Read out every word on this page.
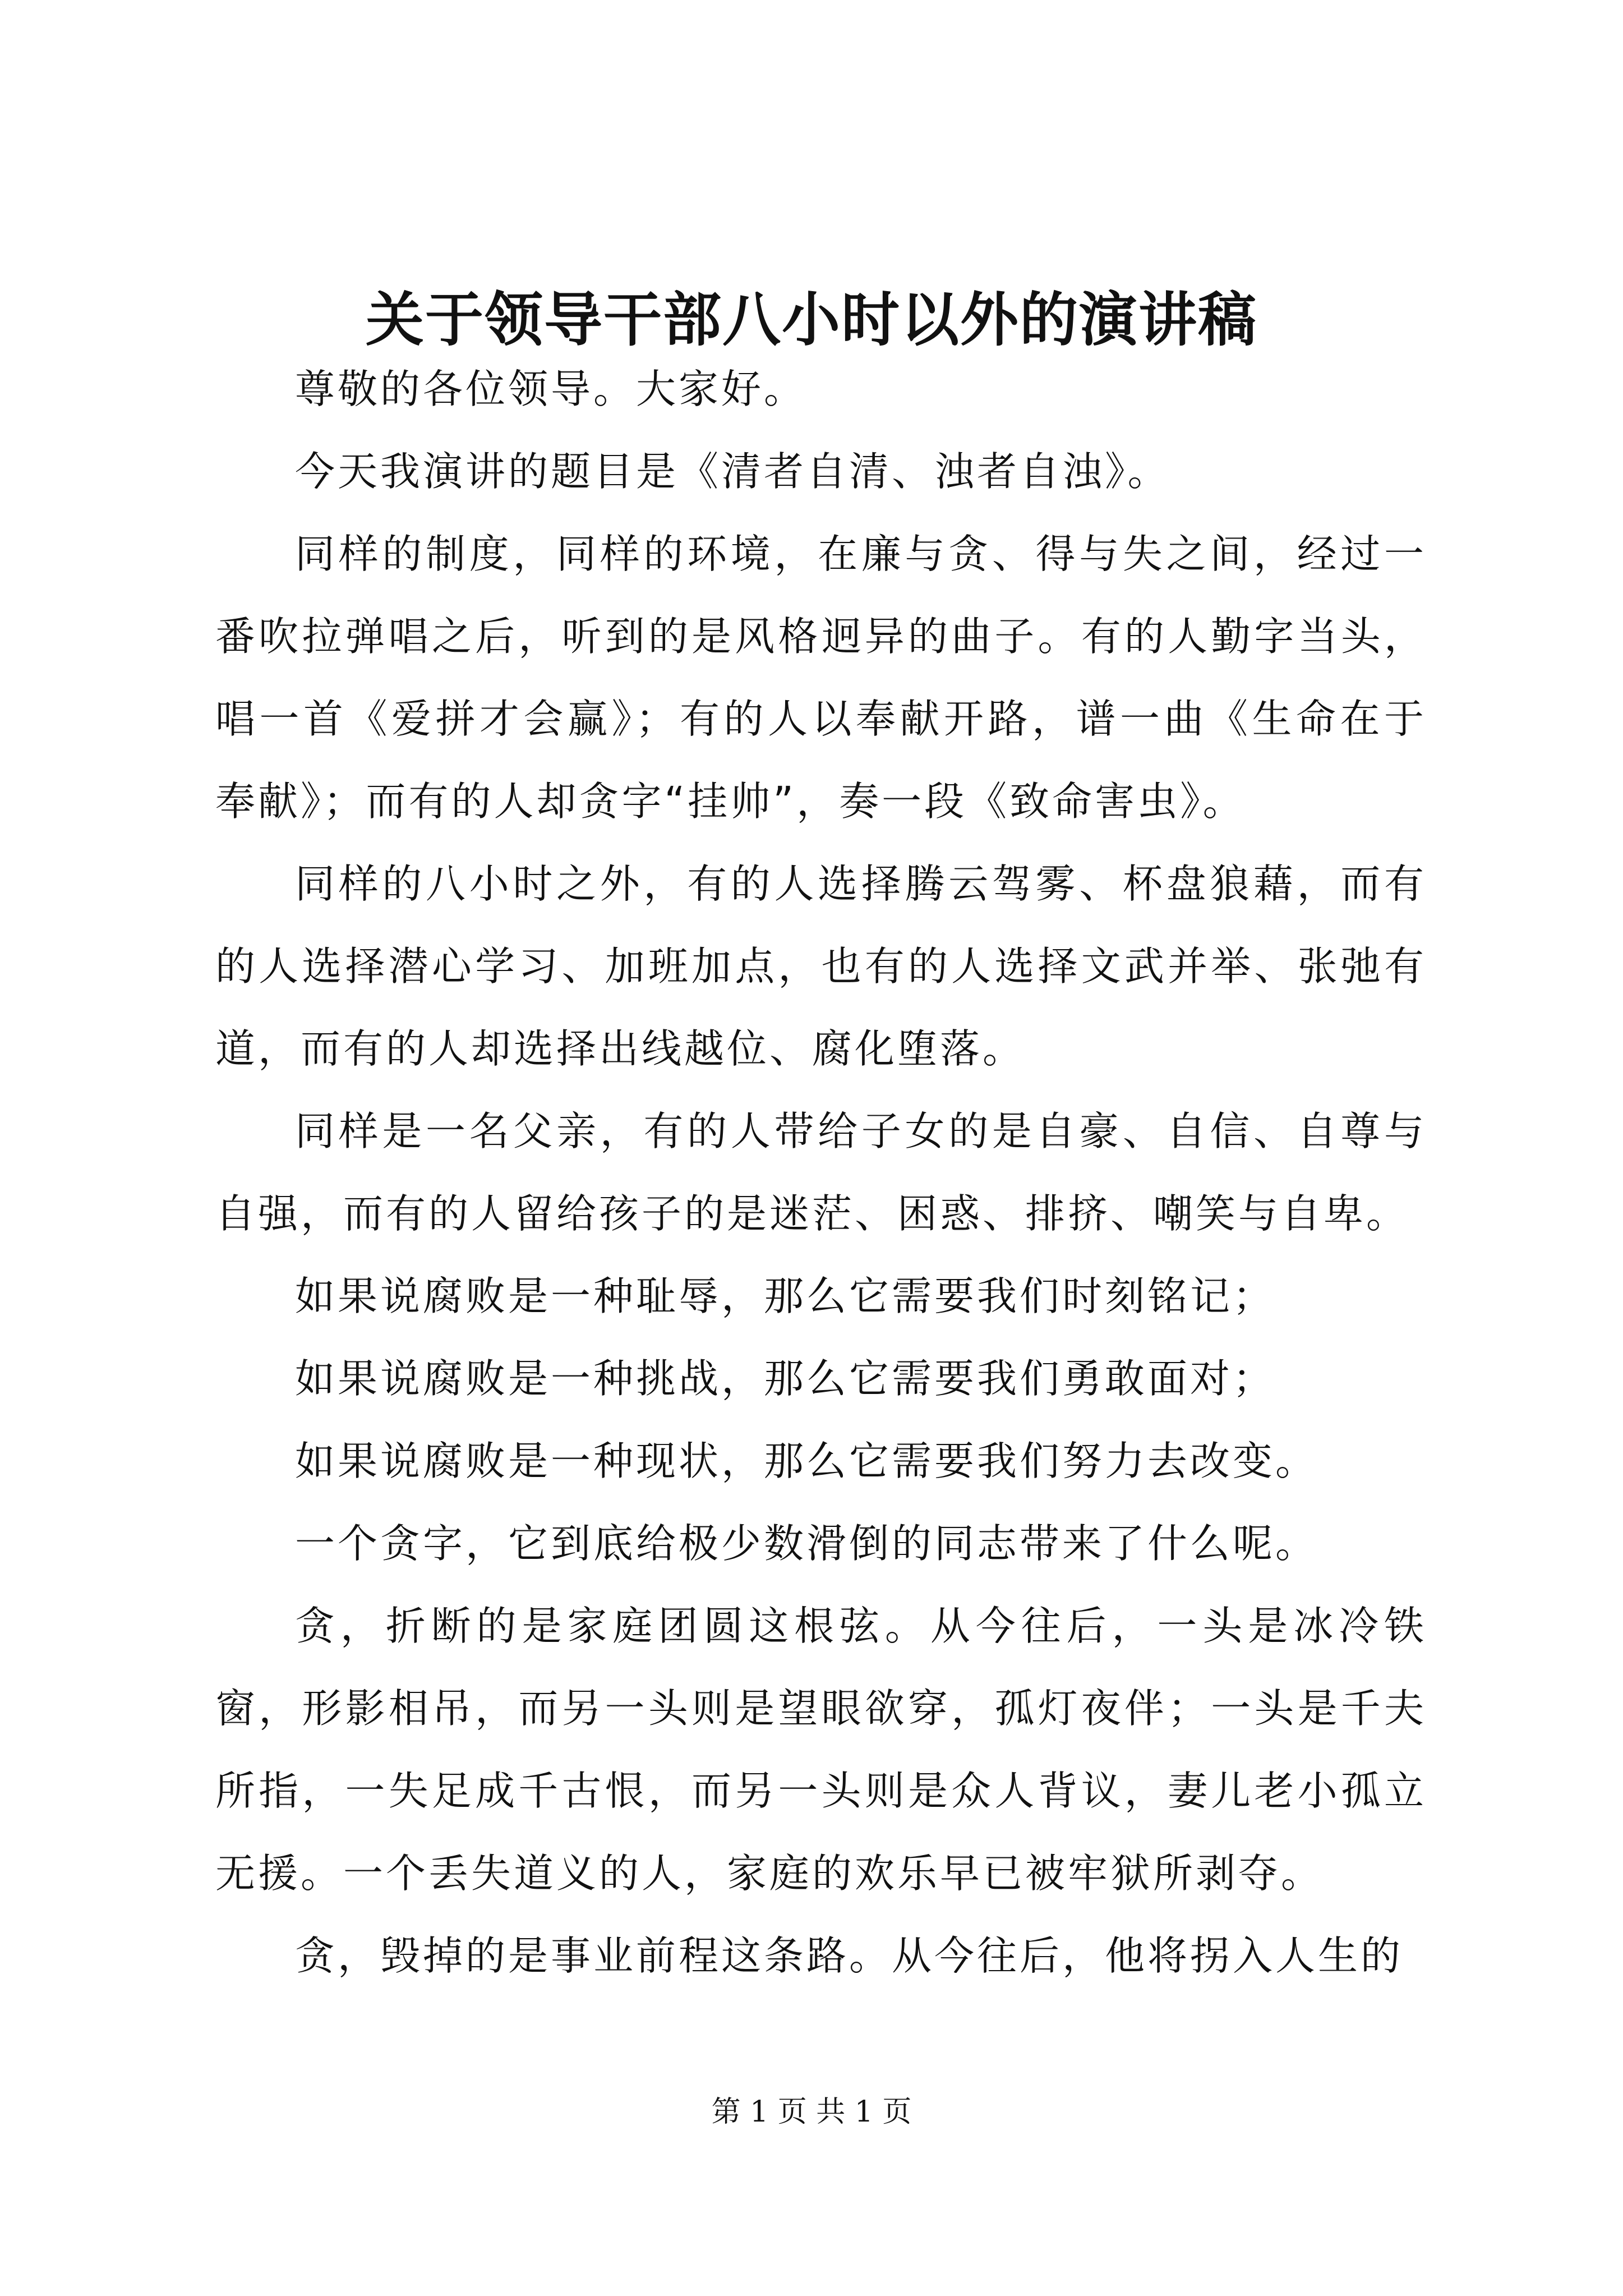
关于领导干部八小时以外的演讲稿

尊敬的各位领导。大家好。

今天我演讲的题目是《清者自清、浊者自浊》。

同样的制度，同样的环境，在廉与贪、得与失之间，经过一番吹拉弹唱之后，听到的是风格迥异的曲子。有的人勤字当头，唱一首《爱拼才会赢》；有的人以奉献开路，谱一曲《生命在于奉献》；而有的人却贪字“挂帅”，奏一段《致命害虫》。

同样的八小时之外，有的人选择腾云驾雾、杯盘狼藉，而有的人选择潜心学习、加班加点，也有的人选择文武并举、张弛有道，而有的人却选择出线越位、腐化堕落。

同样是一名父亲，有的人带给子女的是自豪、自信、自尊与自强，而有的人留给孩子的是迷茫、困惑、排挤、嘲笑与自卑。

如果说腐败是一种耻辱，那么它需要我们时刻铭记；

如果说腐败是一种挑战，那么它需要我们勇敢面对；

如果说腐败是一种现状，那么它需要我们努力去改变。

一个贪字，它到底给极少数滑倒的同志带来了什么呢。

贪，折断的是家庭团圆这根弦。从今往后，一头是冰冷铁窗，形影相吊，而另一头则是望眼欲穿，孤灯夜伴；一头是千夫所指，一失足成千古恨，而另一头则是众人背议，妻儿老小孤立无援。一个丢失道义的人，家庭的欢乐早已被牢狱所剥夺。

贪，毁掉的是事业前程这条路。从今往后，他将拐入人生的

第 1 页 共 1 页
